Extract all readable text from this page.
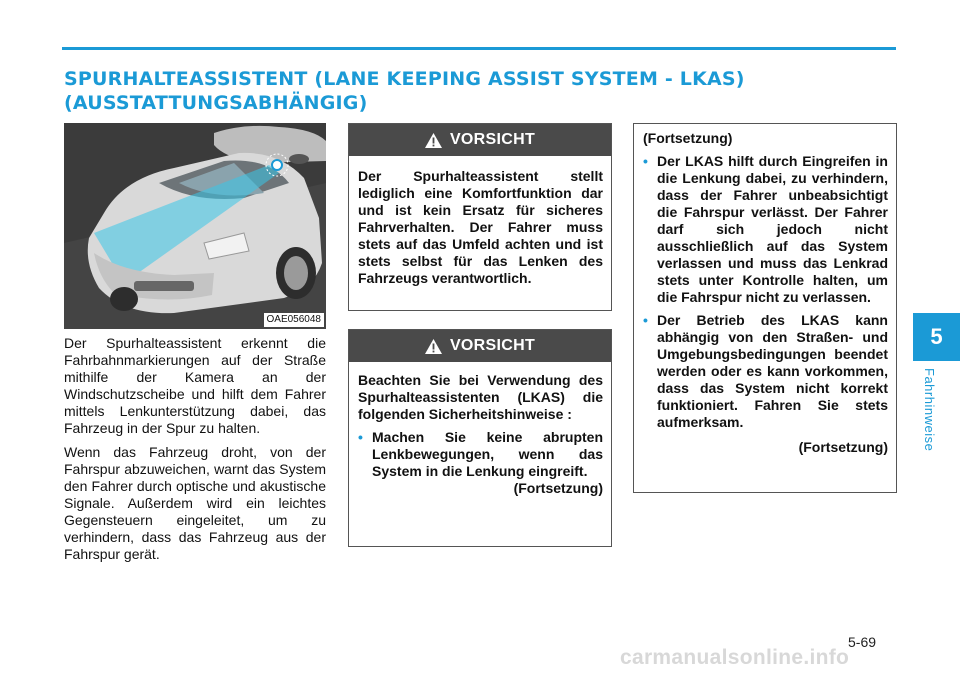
SPURHALTEASSISTENT (LANE KEEPING ASSIST SYSTEM - LKAS)
(AUSSTATTUNGSABHÄNGIG)
OAE056048

Der Spurhalteassistent erkennt die Fahrbahnmarkierungen auf der Straße mithilfe der Kamera an der Windschutzscheibe und hilft dem Fahrer mittels Lenkunterstützung dabei, das Fahrzeug in der Spur zu halten.

Wenn das Fahrzeug droht, von der Fahrspur abzuweichen, warnt das System den Fahrer durch optische und akustische Signale. Außerdem wird ein leichtes Gegensteuern eingeleitet, um zu verhindern, dass das Fahrzeug aus der Fahrspur gerät.

VORSICHT

Der Spurhalteassistent stellt lediglich eine Komfortfunktion dar und ist kein Ersatz für sicheres Fahrverhalten. Der Fahrer muss stets auf das Umfeld achten und ist stets selbst für das Lenken des Fahrzeugs verantwortlich.

VORSICHT

Beachten Sie bei Verwendung des Spurhalteassistenten (LKAS) die folgenden Sicherheitshinweise :

• Machen Sie keine abrupten Lenkbewegungen, wenn das System in die Lenkung eingreift.

(Fortsetzung)

(Fortsetzung)

• Der LKAS hilft durch Eingreifen in die Lenkung dabei, zu verhindern, dass der Fahrer unbeabsichtigt die Fahrspur verlässt. Der Fahrer darf sich jedoch nicht ausschließlich auf das System verlassen und muss das Lenkrad stets unter Kontrolle halten, um die Fahrspur nicht zu verlassen.
• Der Betrieb des LKAS kann abhängig von den Straßen- und Umgebungsbedingungen beendet werden oder es kann vorkommen, dass das System nicht korrekt funktioniert. Fahren Sie stets aufmerksam.

(Fortsetzung)

5
Fahrhinweise
5-69
carmanualsonline.info
